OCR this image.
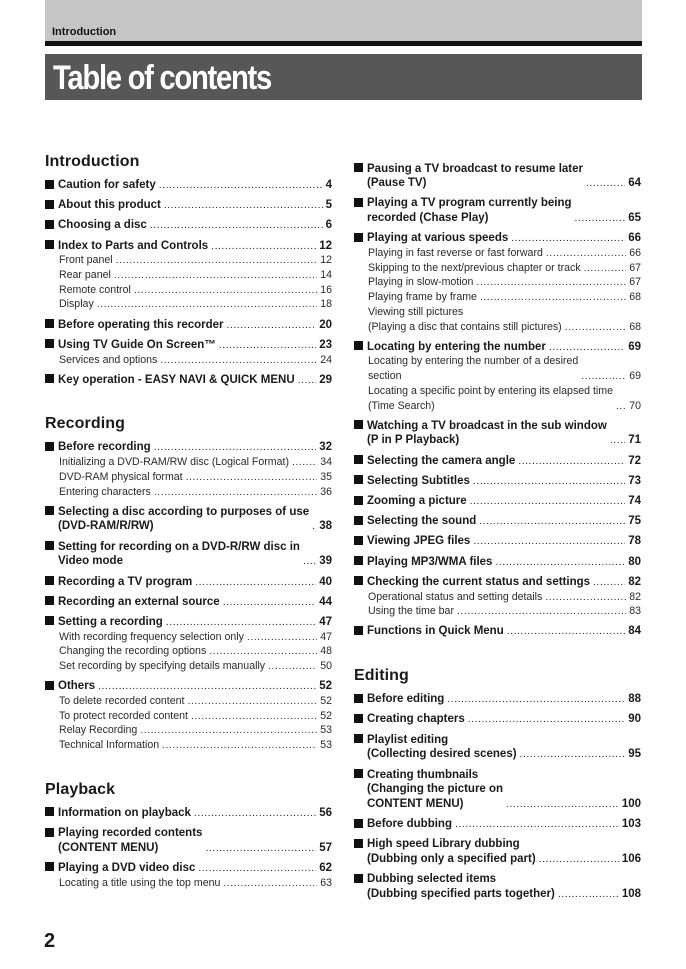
Introduction
Table of contents
Introduction
Caution for safety .....	4
About this product .....	5
Choosing a disc .....	6
Index to Parts and Controls .....	12
Front panel .....	12
Rear panel .....	14
Remote control .....	16
Display .....	18
Before operating this recorder .....	20
Using TV Guide On Screen™ .....	23
Services and options .....	24
Key operation - EASY NAVI & QUICK MENU ..... 29
Recording
Before recording .....	32
Initializing a DVD-RAM/RW disc (Logical Format) .....	34
DVD-RAM physical format .....	35
Entering characters .....	36
Selecting a disc according to purposes of use
(DVD-RAM/R/RW) .....	38
Setting for recording on a DVD-R/RW disc in
Video mode .....	39
Recording a TV program .....	40
Recording an external source .....	44
Setting a recording .....	47
With recording frequency selection only .....	47
Changing the recording options .....	48
Set recording by specifying details manually .....	50
Others .....	52
To delete recorded content .....	52
To protect recorded content .....	52
Relay Recording .....	53
Technical Information .....	53
Playback
Information on playback .....	56
Playing recorded contents
(CONTENT MENU) .....	57
Playing a DVD video disc .....	62
Locating a title using the top menu .....	63
Pausing a TV broadcast to resume later
(Pause TV) .....	64
Playing a TV program currently being
recorded (Chase Play) .....	65
Playing at various speeds .....	66
Playing in fast reverse or fast forward .....	66
Skipping to the next/previous chapter or track .....	67
Playing in slow-motion .....	67
Playing frame by frame .....	68
Viewing still pictures
(Playing a disc that contains still pictures) .....	68
Locating by entering the number .....	69
Locating by entering the number of a desired
section .....	69
Locating a specific point by entering its elapsed time
(Time Search) .....	70
Watching a TV broadcast in the sub window
(P in P Playback) .....	71
Selecting the camera angle .....	72
Selecting Subtitles .....	73
Zooming a picture .....	74
Selecting the sound .....	75
Viewing JPEG files .....	78
Playing MP3/WMA files .....	80
Checking the current status and settings .....	82
Operational status and setting details .....	82
Using the time bar .....	83
Functions in Quick Menu .....	84
Editing
Before editing .....	88
Creating chapters .....	90
Playlist editing
(Collecting desired scenes) .....	95
Creating thumbnails
(Changing the picture on
CONTENT MENU) .....	100
Before dubbing .....	103
High speed Library dubbing
(Dubbing only a specified part) .....	106
Dubbing selected items
(Dubbing specified parts together) .....	108
2
